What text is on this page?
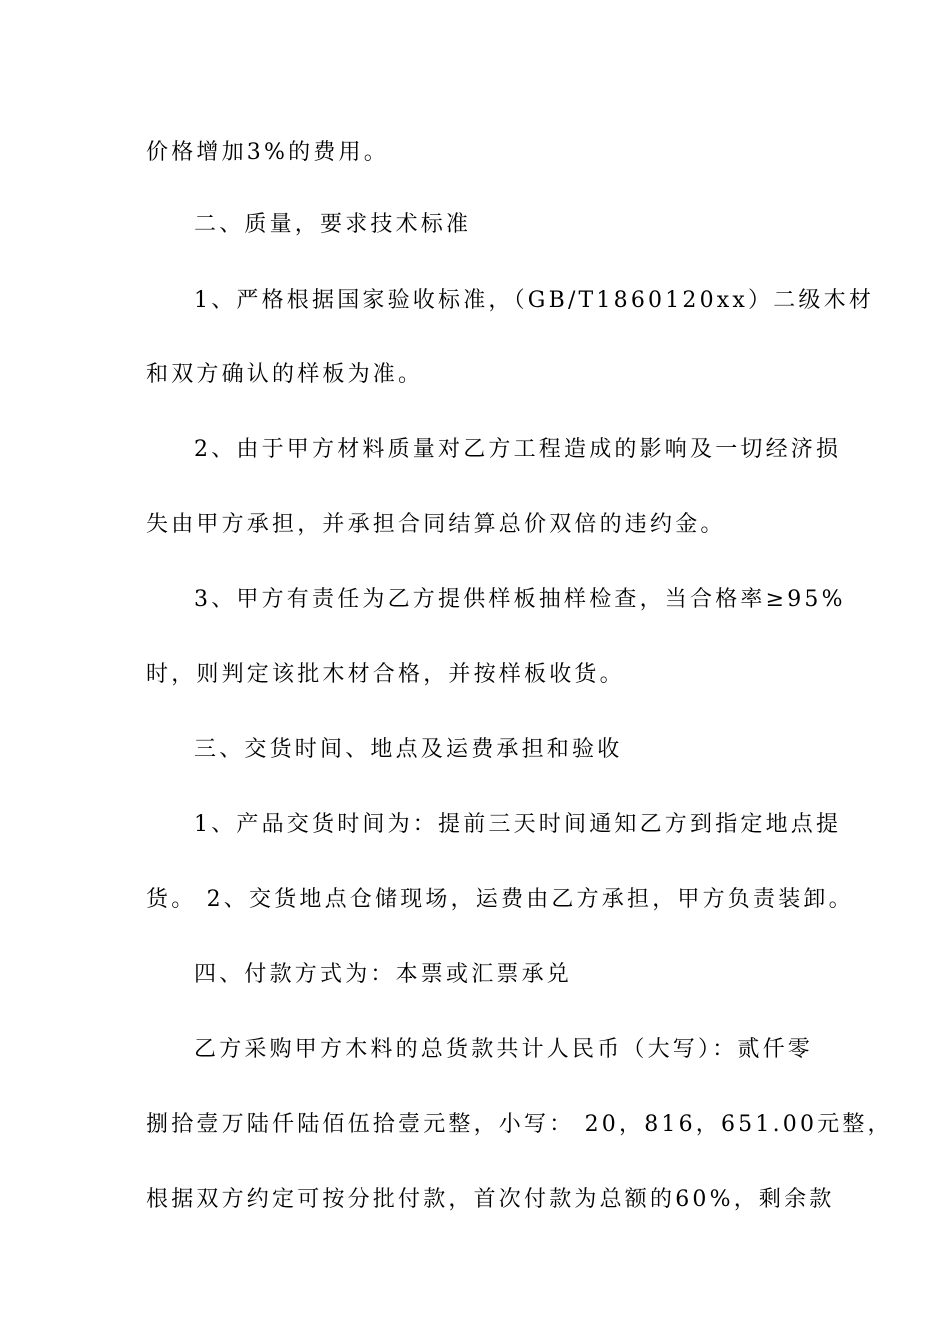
价格增加3%的费用。

二、质量，要求技术标准

1、严格根据国家验收标准，（GB/T1860120xx）二级木材

和双方确认的样板为准。

2、由于甲方材料质量对乙方工程造成的影响及一切经济损

失由甲方承担，并承担合同结算总价双倍的违约金。

3、甲方有责任为乙方提供样板抽样检查，当合格率≥95%

时，则判定该批木材合格，并按样板收货。

三、交货时间、地点及运费承担和验收

1、产品交货时间为：提前三天时间通知乙方到指定地点提

货。 2、交货地点仓储现场，运费由乙方承担，甲方负责装卸。

四、付款方式为：本票或汇票承兑

乙方采购甲方木料的总货款共计人民币（大写）：贰仟零

捌拾壹万陆仟陆佰伍拾壹元整，小写： 20，816，651.00元整，

根据双方约定可按分批付款，首次付款为总额的60%，剩余款
